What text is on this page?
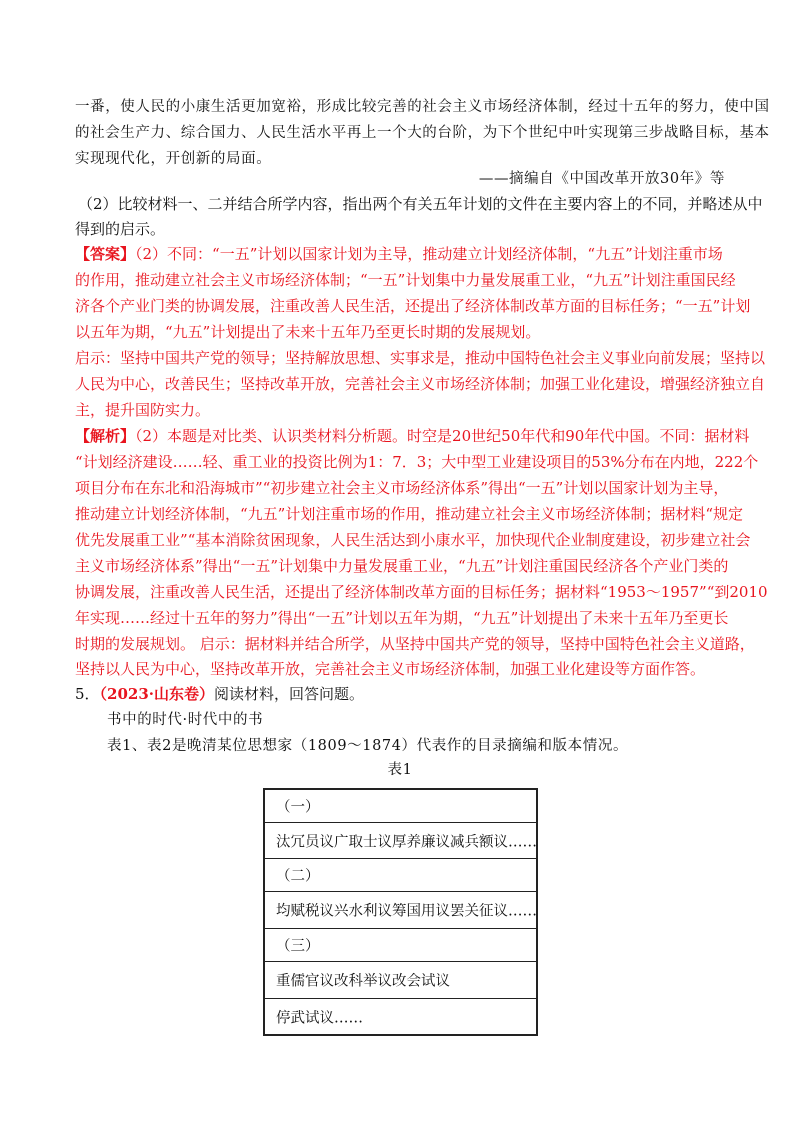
一番，使人民的小康生活更加宽裕，形成比较完善的社会主义市场经济体制，经过十五年的努力，使中国
的社会生产力、综合国力、人民生活水平再上一个大的台阶，为下个世纪中叶实现第三步战略目标，基本
实现现代化，开创新的局面。
——摘编自《中国改革开放30年》等
（2）比较材料一、二并结合所学内容，指出两个有关五年计划的文件在主要内容上的不同，并略述从中
得到的启示。
【答案】（2）不同：“一五”计划以国家计划为主导，推动建立计划经济体制，“九五”计划注重市场
的作用，推动建立社会主义市场经济体制；“一五”计划集中力量发展重工业，“九五”计划注重国民经
济各个产业门类的协调发展，注重改善人民生活，还提出了经济体制改革方面的目标任务；“一五”计划
以五年为期，“九五”计划提出了未来十五年乃至更长时期的发展规划。
启示：坚持中国共产党的领导；坚持解放思想、实事求是，推动中国特色社会主义事业向前发展；坚持以
人民为中心，改善民生；坚持改革开放，完善社会主义市场经济体制；加强工业化建设，增强经济独立自
主，提升国防实力。
【解析】（2）本题是对比类、认识类材料分析题。时空是20世纪50年代和90年代中国。不同：据材料
“计划经济建设……轻、重工业的投资比例为1：7．3；大中型工业建设项目的53%分布在内地，222个
项目分布在东北和沿海城市”“初步建立社会主义市场经济体系”得出“一五”计划以国家计划为主导，
推动建立计划经济体制，“九五”计划注重市场的作用，推动建立社会主义市场经济体制；据材料“规定
优先发展重工业”“基本消除贫困现象，人民生活达到小康水平，加快现代企业制度建设，初步建立社会
主义市场经济体系”得出“一五”计划集中力量发展重工业，“九五”计划注重国民经济各个产业门类的
协调发展，注重改善人民生活，还提出了经济体制改革方面的目标任务；据材料“1953～1957”“到2010
年实现……经过十五年的努力”得出“一五”计划以五年为期，“九五”计划提出了未来十五年乃至更长
时期的发展规划。 启示：据材料并结合所学，从坚持中国共产党的领导，坚持中国特色社会主义道路，
坚持以人民为中心，坚持改革开放，完善社会主义市场经济体制，加强工业化建设等方面作答。
5．（2023·山东卷）阅读材料，回答问题。
书中的时代·时代中的书
表1、表2是晚清某位思想家（1809～1874）代表作的目录摘编和版本情况。
表1
（一）
汰冗员议广取士议厚养廉议减兵额议……
（二）
均赋税议兴水利议筹国用议罢关征议……
（三）
重儒官议改科举议改会试议
停武试议……
